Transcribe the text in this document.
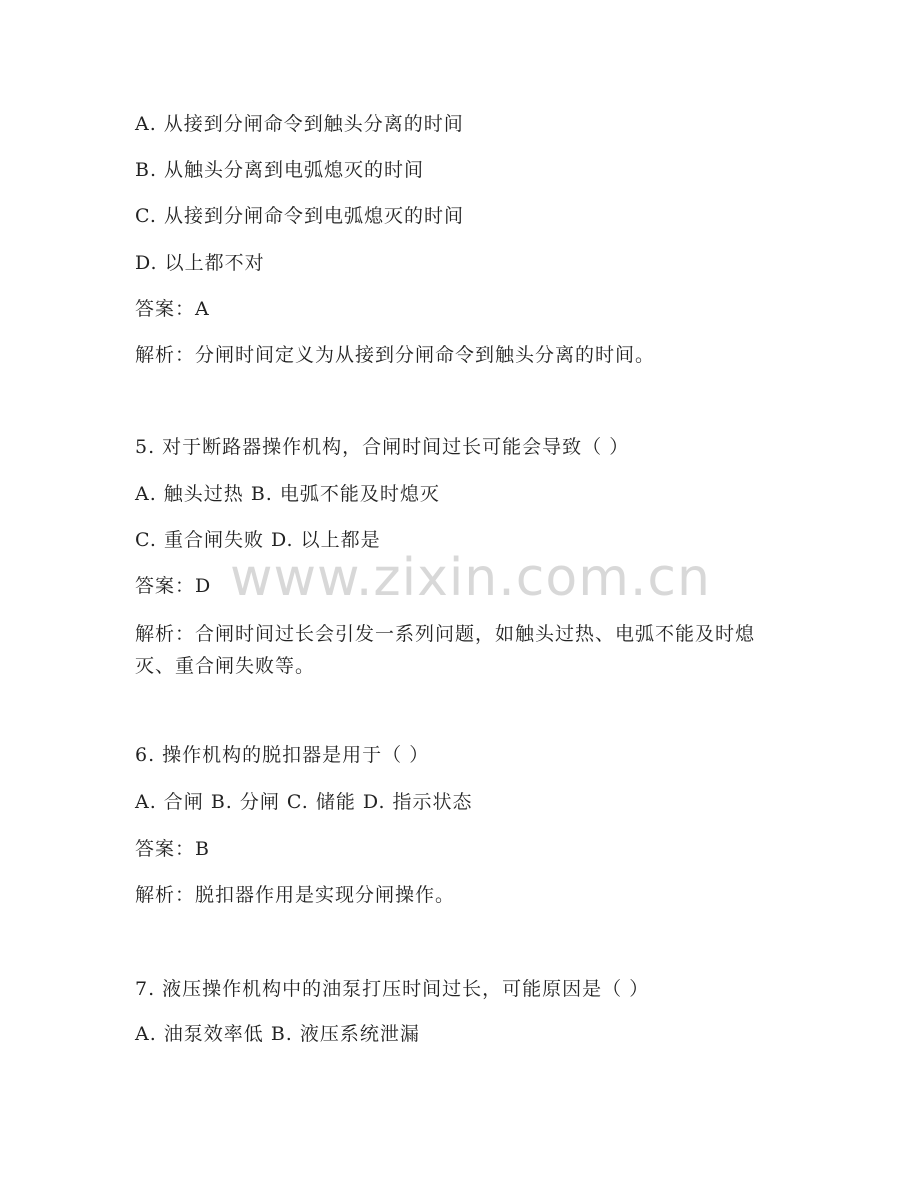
A. 从接到分闸命令到触头分离的时间
B. 从触头分离到电弧熄灭的时间
C. 从接到分闸命令到电弧熄灭的时间
D. 以上都不对
答案：A
解析：分闸时间定义为从接到分闸命令到触头分离的时间。
5. 对于断路器操作机构，合闸时间过长可能会导致（ ）
A. 触头过热 B. 电弧不能及时熄灭
C. 重合闸失败 D. 以上都是
答案：D
解析：合闸时间过长会引发一系列问题，如触头过热、电弧不能及时熄灭、重合闸失败等。
6. 操作机构的脱扣器是用于（ ）
A. 合闸 B. 分闸 C. 储能 D. 指示状态
答案：B
解析：脱扣器作用是实现分闸操作。
7. 液压操作机构中的油泵打压时间过长，可能原因是（ ）
A. 油泵效率低 B. 液压系统泄漏
www.zixin.com.cn
